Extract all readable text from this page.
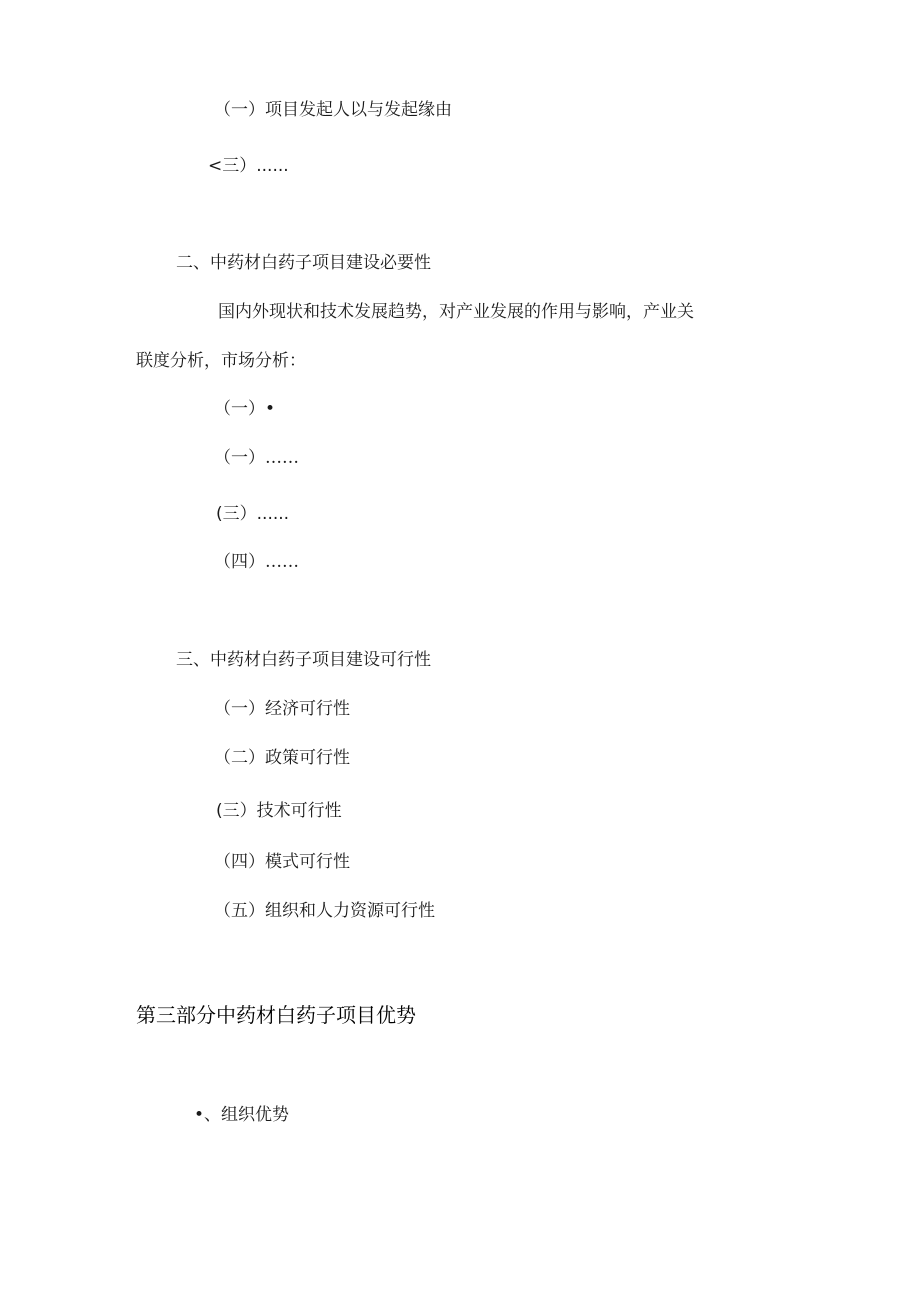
（一）项目发起人以与发起缘由
<三）......
二、中药材白药子项目建设必要性
国内外现状和技术发展趋势，对产业发展的作用与影响，产业关
联度分析，市场分析：
（一）•
（一）……
(三）......
（四）……
三、中药材白药子项目建设可行性
（一）经济可行性
（二）政策可行性
(三）技术可行性
（四）模式可行性
（五）组织和人力资源可行性
第三部分中药材白药子项目优势
•、组织优势
